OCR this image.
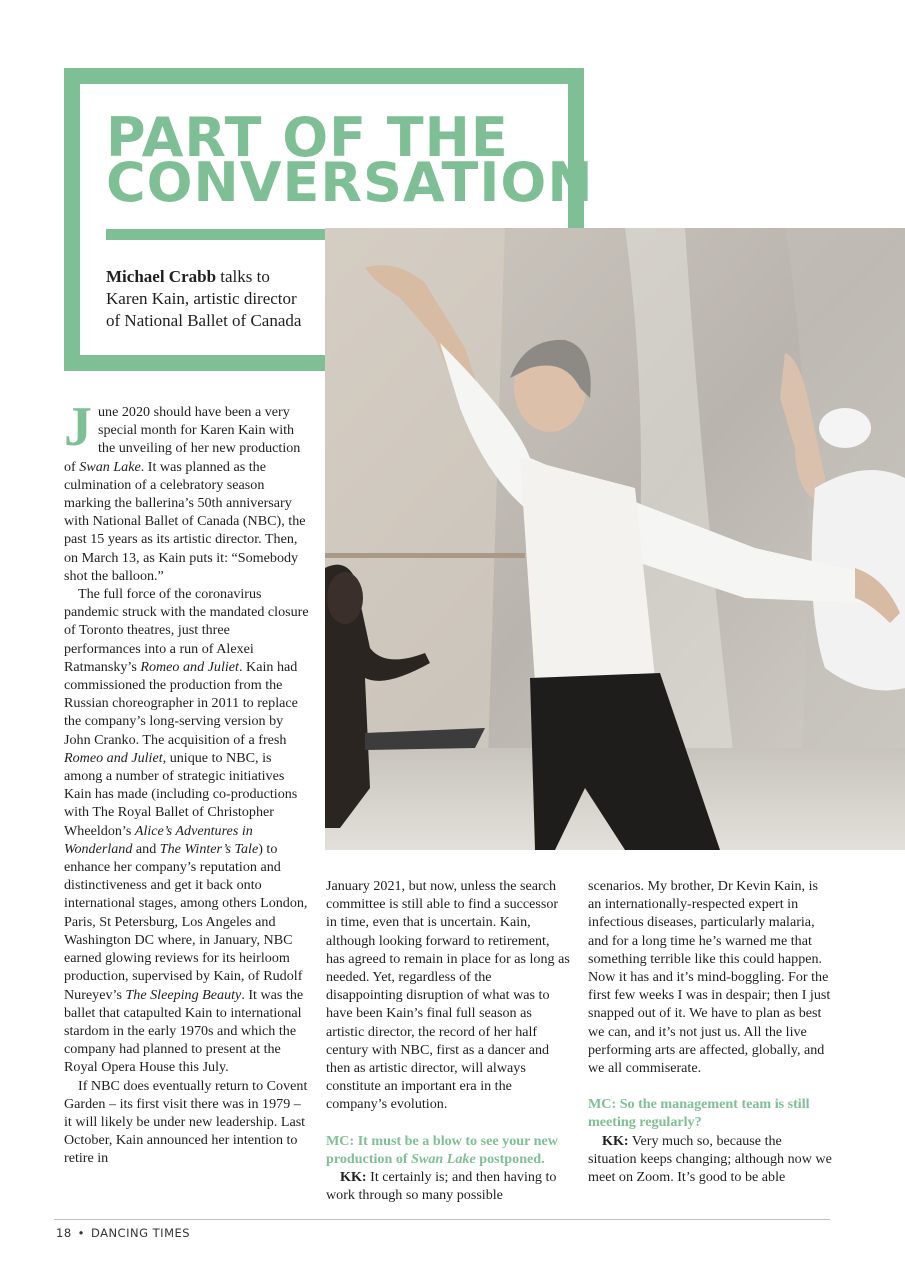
PART OF THE
CONVERSATION
Michael Crabb talks to
Karen Kain, artistic director
of National Ballet of Canada

June 2020 should have been a very special month for Karen Kain with the unveiling of her new production of Swan Lake. It was planned as the culmination of a celebratory season marking the ballerina’s 50th anniversary with National Ballet of Canada (NBC), the past 15 years as its artistic director. Then, on March 13, as Kain puts it: “Somebody shot the balloon.”

The full force of the coronavirus pandemic struck with the mandated closure of Toronto theatres, just three performances into a run of Alexei Ratmansky’s Romeo and Juliet. Kain had commissioned the production from the Russian choreographer in 2011 to replace the company’s long-serving version by John Cranko. The acquisition of a fresh Romeo and Juliet, unique to NBC, is among a number of strategic initiatives Kain has made (including co-productions with The Royal Ballet of Christopher Wheeldon’s Alice’s Adventures in Wonderland and The Winter’s Tale) to enhance her company’s reputation and distinctiveness and get it back onto international stages, among others London, Paris, St Petersburg, Los Angeles and Washington DC where, in January, NBC earned glowing reviews for its heirloom production, supervised by Kain, of Rudolf Nureyev’s The Sleeping Beauty. It was the ballet that catapulted Kain to international stardom in the early 1970s and which the company had planned to present at the Royal Opera House this July.

If NBC does eventually return to Covent Garden – its first visit there was in 1979 – it will likely be under new leadership. Last October, Kain announced her intention to retire in

January 2021, but now, unless the search committee is still able to find a successor in time, even that is uncertain. Kain, although looking forward to retirement, has agreed to remain in place for as long as needed. Yet, regardless of the disappointing disruption of what was to have been Kain’s final full season as artistic director, the record of her half century with NBC, first as a dancer and then as artistic director, will always constitute an important era in the company’s evolution.

MC: It must be a blow to see your new production of Swan Lake postponed.

KK: It certainly is; and then having to work through so many possible

scenarios. My brother, Dr Kevin Kain, is an internationally-respected expert in infectious diseases, particularly malaria, and for a long time he’s warned me that something terrible like this could happen. Now it has and it’s mind-boggling. For the first few weeks I was in despair; then I just snapped out of it. We have to plan as best we can, and it’s not just us. All the live performing arts are affected, globally, and we all commiserate.

MC: So the management team is still meeting regularly?

KK: Very much so, because the situation keeps changing; although now we meet on Zoom. It’s good to be able

18 • DANCING TIMES
